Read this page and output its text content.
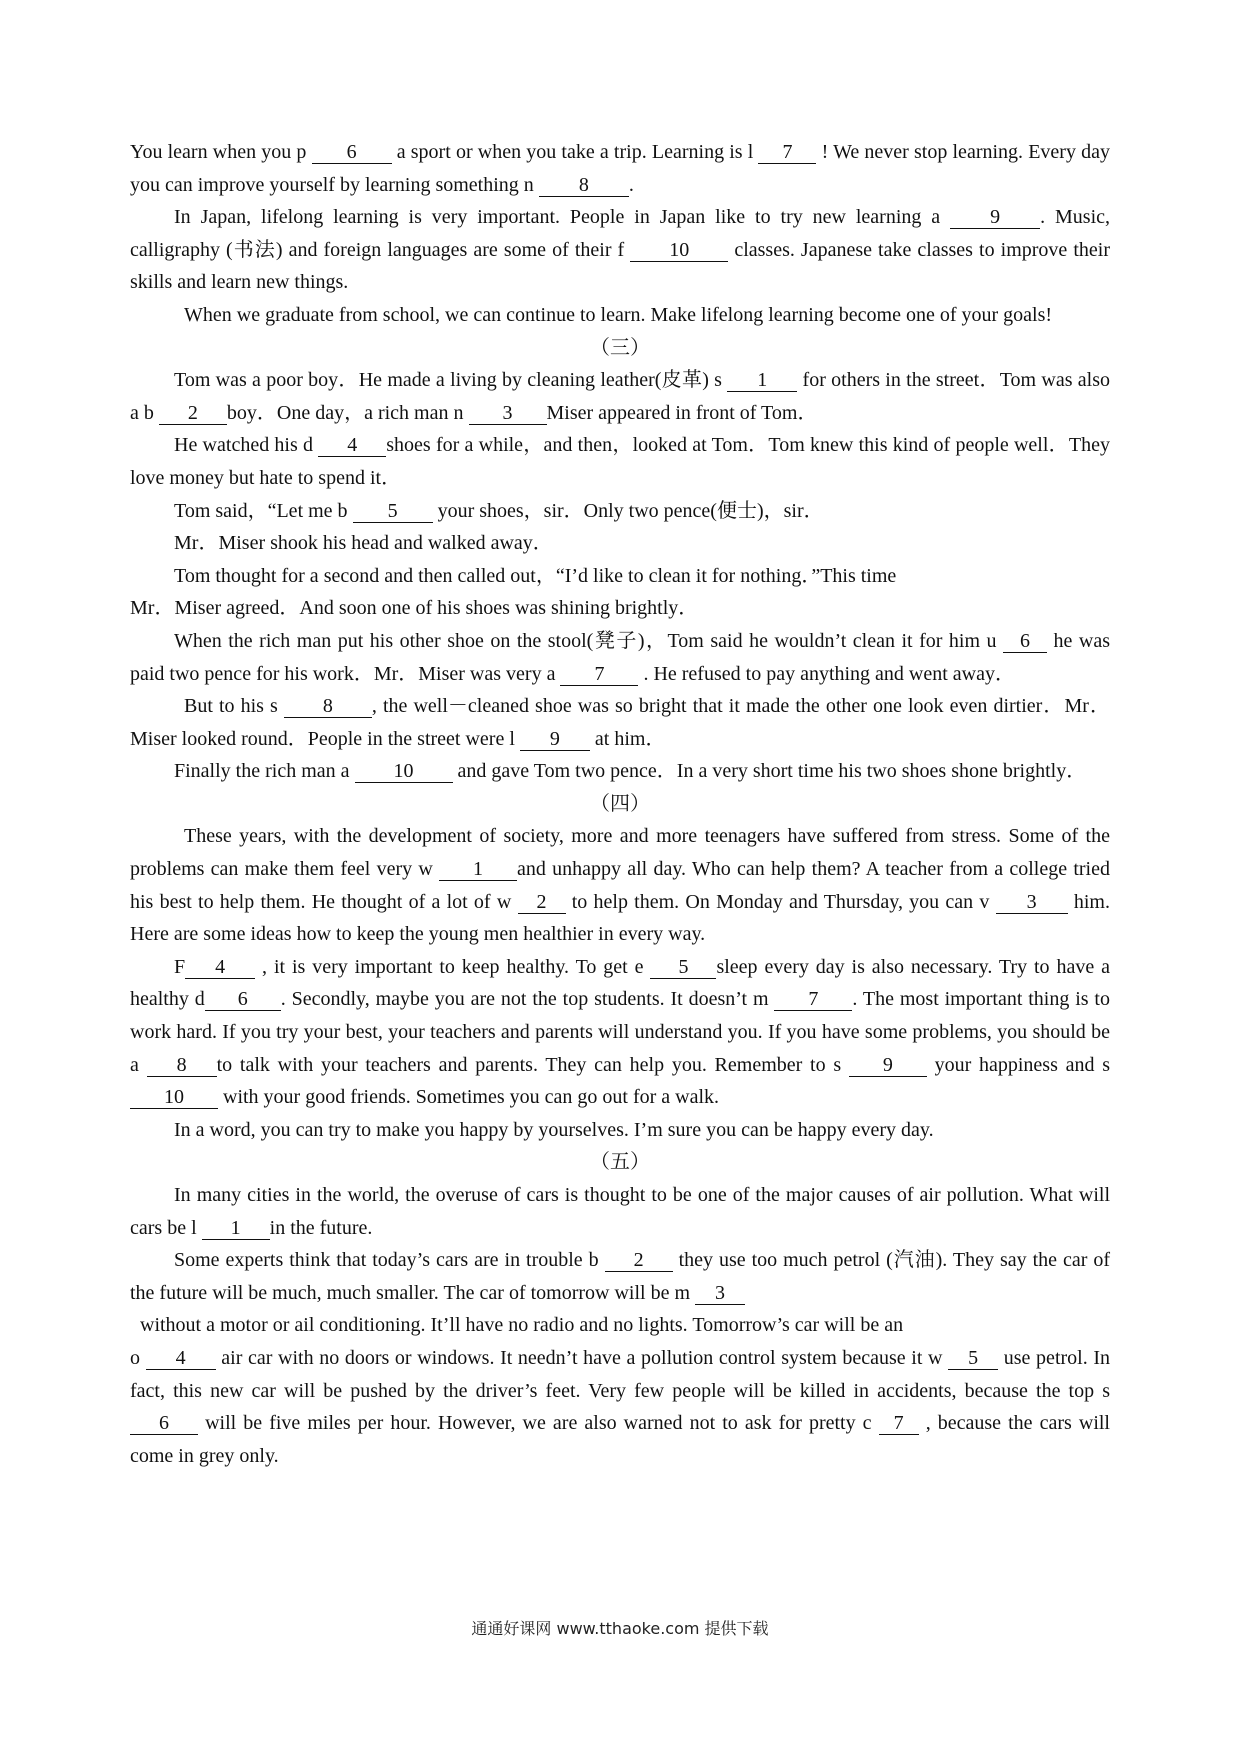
You learn when you p 6 a sport or when you take a trip. Learning is l 7 ! We never stop learning. Every day you can improve yourself by learning something n 8 .

In Japan, lifelong learning is very important. People in Japan like to try new learning a 9 . Music, calligraphy (书法) and foreign languages are some of their f 10 classes. Japanese take classes to improve their skills and learn new things.

When we graduate from school, we can continue to learn. Make lifelong learning become one of your goals!

（三）

Tom was a poor boy．He made a living by cleaning leather(皮革) s 1 for others in the street．Tom was also a b 2 boy．One day，a rich man n 3 Miser appeared in front of Tom．

He watched his d 4 shoes for a while，and then，looked at Tom．Tom knew this kind of people well．They love money but hate to spend it．

Tom said，“Let me b 5 your shoes，sir．Only two pence(便士)，sir．

Mr．Miser shook his head and walked away．

Tom thought for a second and then called out，“I’d like to clean it for nothing．”This time

Mr．Miser agreed．And soon one of his shoes was shining brightly．

When the rich man put his other shoe on the stool(凳子)，Tom said he wouldn’t clean it for him u 6 he was paid two pence for his work．Mr．Miser was very a 7 . He refused to pay anything and went away．

But to his s 8 , the well－cleaned shoe was so bright that it made the other one look even dirtier．Mr．Miser looked round．People in the street were l 9 at him．

Finally the rich man a 10 and gave Tom two pence．In a very short time his two shoes shone brightly．

（四）

These years, with the development of society, more and more teenagers have suffered from stress. Some of the problems can make them feel very w 1 and unhappy all day. Who can help them? A teacher from a college tried his best to help them. He thought of a lot of w 2 to help them. On Monday and Thursday, you can v 3 him. Here are some ideas how to keep the young men healthier in every way.

F 4 , it is very important to keep healthy. To get e 5 sleep every day is also necessary. Try to have a healthy d 6 . Secondly, maybe you are not the top students. It doesn’t m 7 . The most important thing is to work hard. If you try your best, your teachers and parents will understand you. If you have some problems, you should be a 8 to talk with your teachers and parents. They can help you. Remember to s 9 your happiness and s 10 with your good friends. Sometimes you can go out for a walk.

In a word, you can try to make you happy by yourselves. I’m sure you can be happy every day.

（五）

In many cities in the world, the overuse of cars is thought to be one of the major causes of air pollution. What will cars be l 1 in the future.

Some experts think that today’s cars are in trouble b 2 they use too much petrol (汽油). They say the car of the future will be much, much smaller. The car of tomorrow will be m 3

without a motor or ail conditioning. It’ll have no radio and no lights. Tomorrow’s car will be an

o 4 air car with no doors or windows. It needn’t have a pollution control system because it w 5 use petrol. In fact, this new car will be pushed by the driver’s feet. Very few people will be killed in accidents, because the top s 6 will be five miles per hour. However, we are also warned not to ask for pretty c 7 , because the cars will come in grey only.

通通好课网 www.tthaoke.com 提供下载
